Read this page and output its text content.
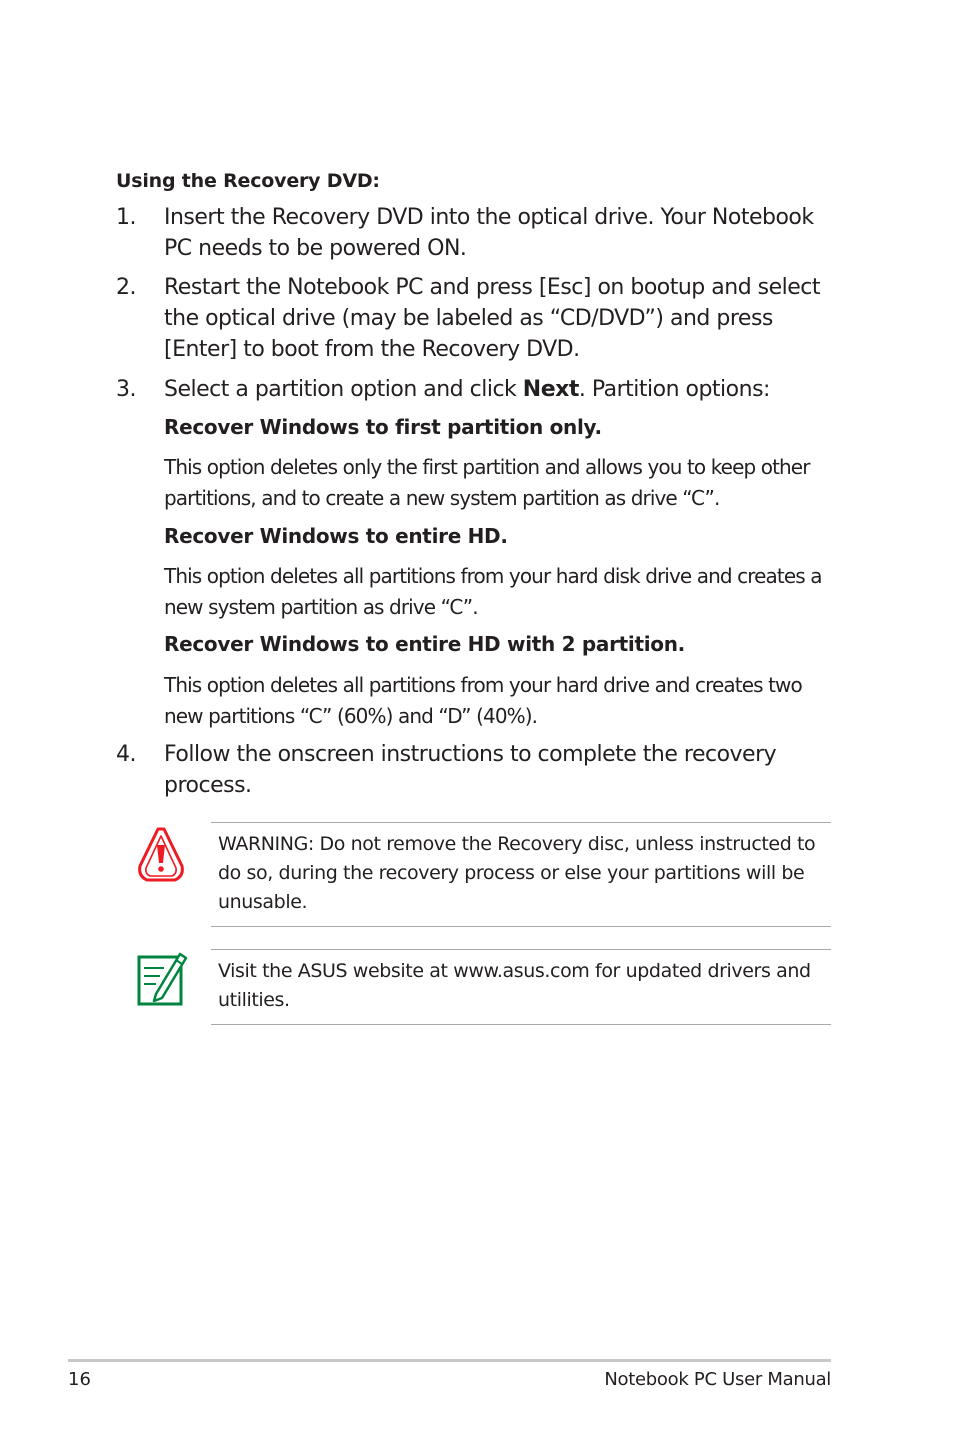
Using the Recovery DVD:
1. Insert the Recovery DVD into the optical drive. Your Notebook PC needs to be powered ON.
2. Restart the Notebook PC and press [Esc] on bootup and select the optical drive (may be labeled as “CD/DVD”) and press [Enter] to boot from the Recovery DVD.
3. Select a partition option and click Next. Partition options:
Recover Windows to first partition only.
This option deletes only the first partition and allows you to keep other partitions, and to create a new system partition as drive “C”.
Recover Windows to entire HD.
This option deletes all partitions from your hard disk drive and creates a new system partition as drive “C”.
Recover Windows to entire HD with 2 partition.
This option deletes all partitions from your hard drive and creates two new partitions “C” (60%) and “D” (40%).
4. Follow the onscreen instructions to complete the recovery process.
WARNING: Do not remove the Recovery disc, unless instructed to do so, during the recovery process or else your partitions will be unusable.
Visit the ASUS website at www.asus.com for updated drivers and utilities.
16	Notebook PC User Manual
